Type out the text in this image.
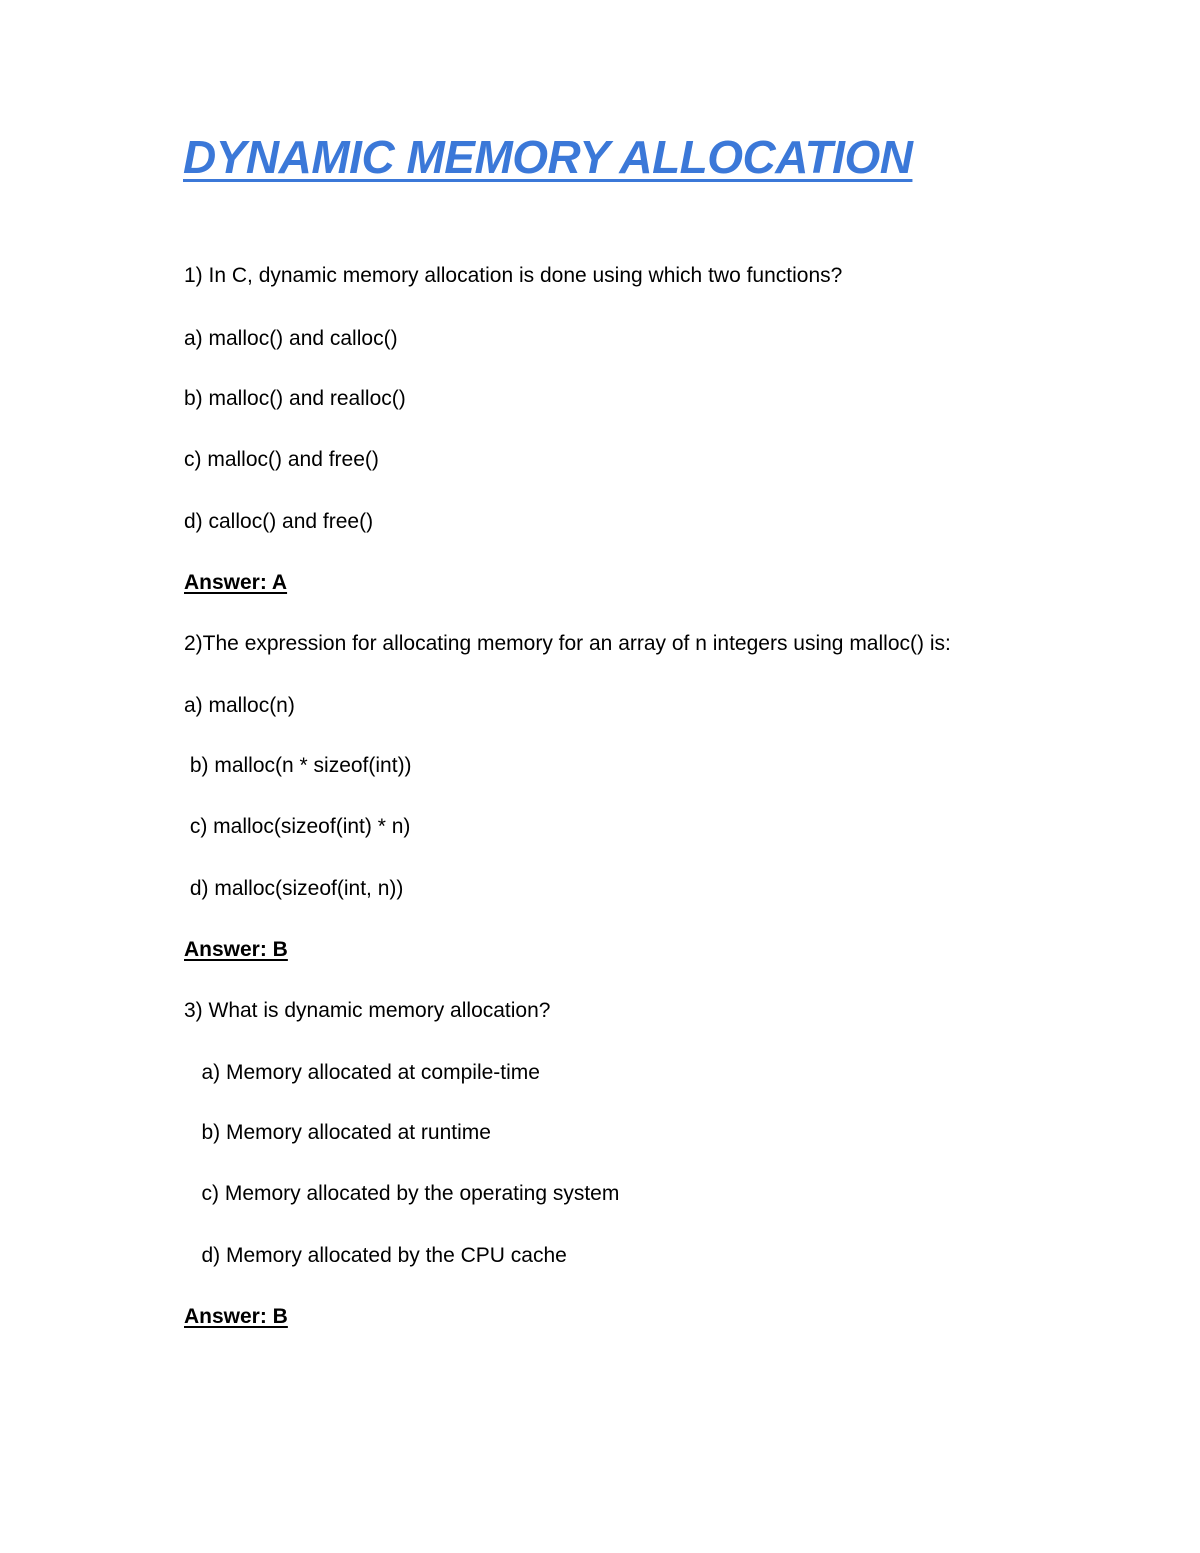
DYNAMIC MEMORY ALLOCATION

1) In C, dynamic memory allocation is done using which two functions?

a) malloc() and calloc()

b) malloc() and realloc()

c) malloc() and free()

d) calloc() and free()

Answer: A

2)The expression for allocating memory for an array of n integers using malloc() is:

a) malloc(n)

b) malloc(n * sizeof(int))

c) malloc(sizeof(int) * n)

d) malloc(sizeof(int, n))

Answer: B

3) What is dynamic memory allocation?

a) Memory allocated at compile-time

b) Memory allocated at runtime

c) Memory allocated by the operating system

d) Memory allocated by the CPU cache

Answer: B
